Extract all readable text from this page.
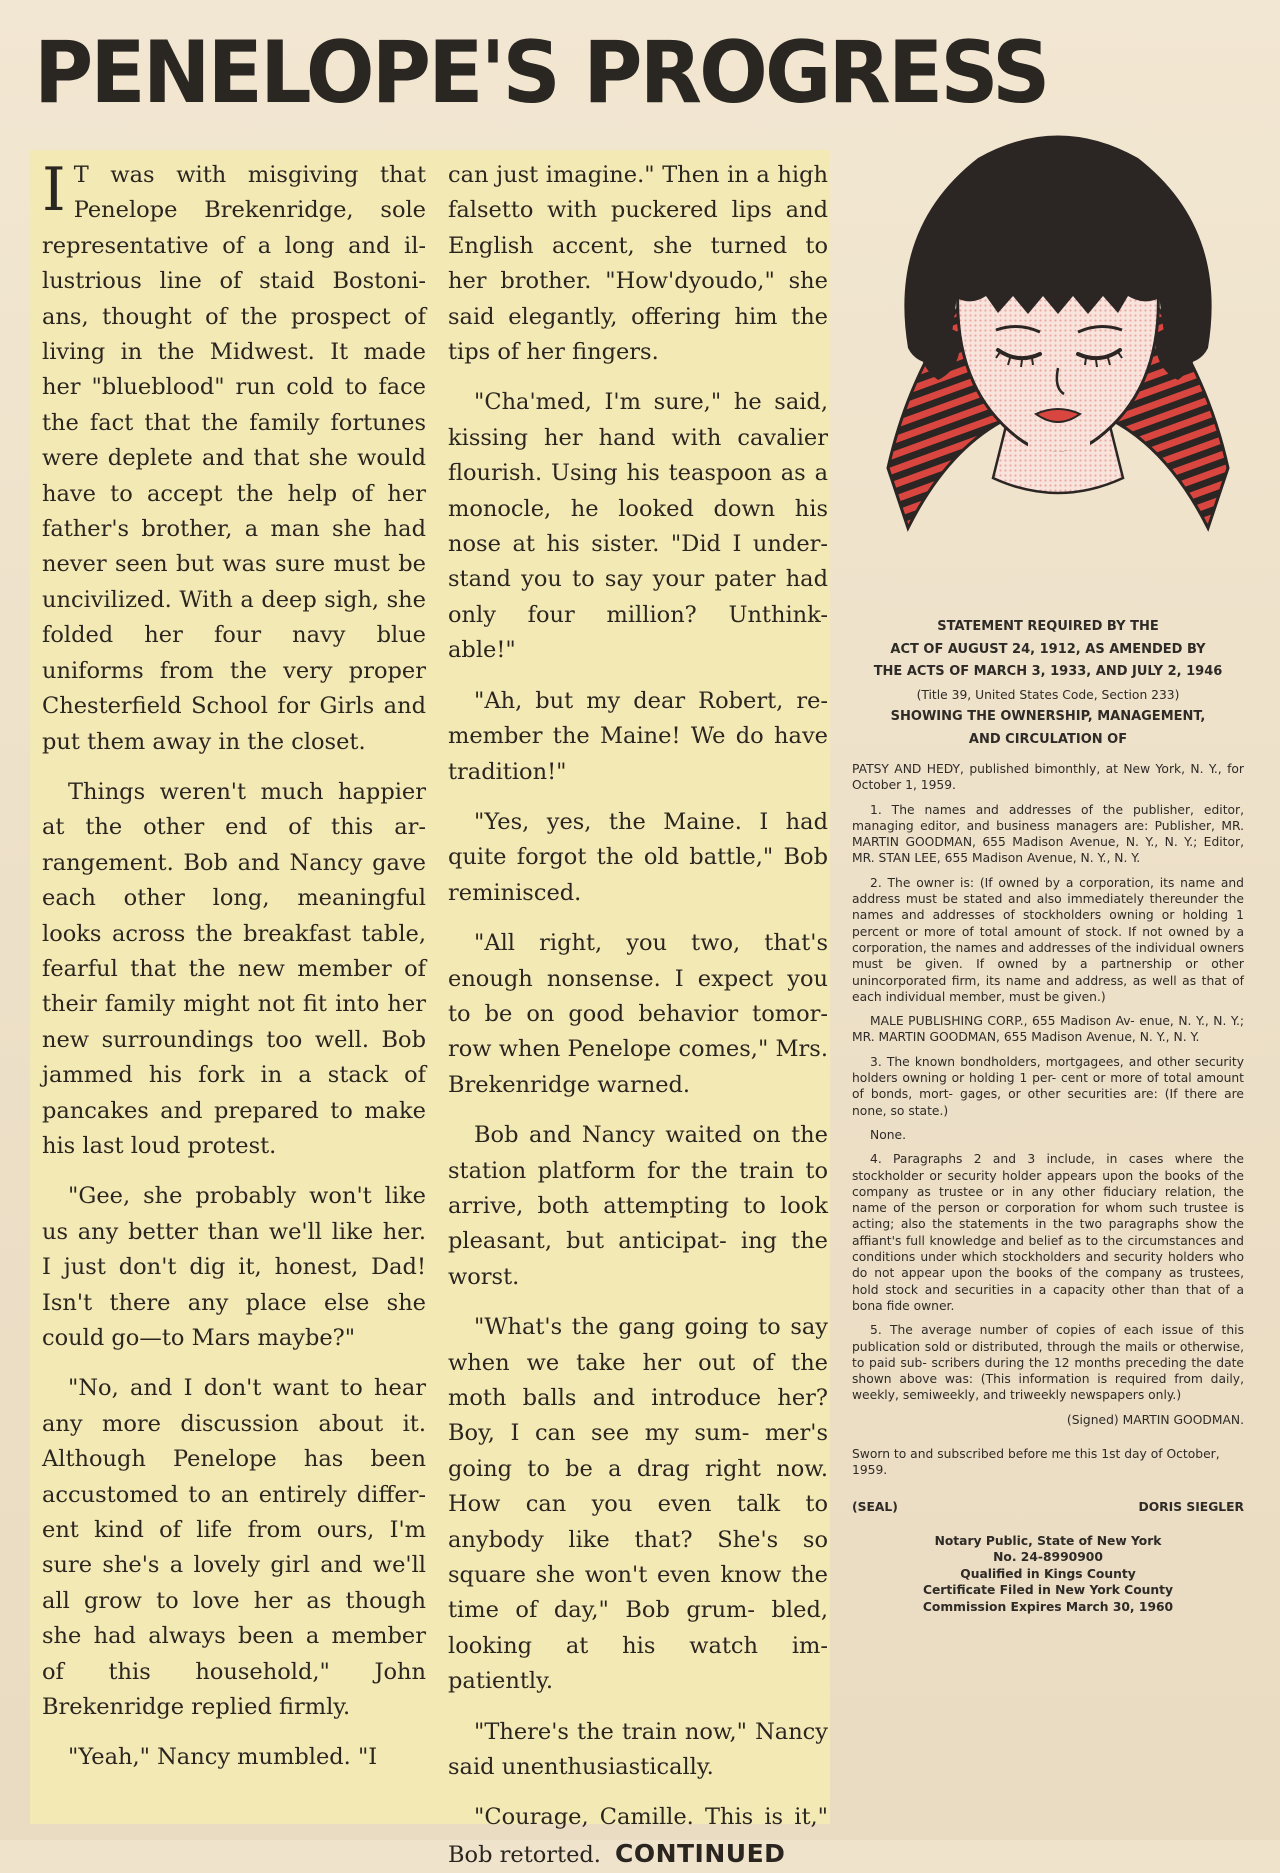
PENELOPE'S PROGRESS

I T was with misgiving that Penelope Brekenridge, sole representative of a long and il- lustrious line of staid Bostoni- ans, thought of the prospect of living in the Midwest. It made her "blueblood" run cold to face the fact that the family fortunes were deplete and that she would have to accept the help of her father's brother, a man she had never seen but was sure must be uncivilized. With a deep sigh, she folded her four navy blue uniforms from the very proper Chesterfield School for Girls and put them away in the closet.

Things weren't much happier at the other end of this ar- rangement. Bob and Nancy gave each other long, meaningful looks across the breakfast table, fearful that the new member of their family might not fit into her new surroundings too well. Bob jammed his fork in a stack of pancakes and prepared to make his last loud protest.

"Gee, she probably won't like us any better than we'll like her. I just don't dig it, honest, Dad! Isn't there any place else she could go—to Mars maybe?"

"No, and I don't want to hear any more discussion about it. Although Penelope has been accustomed to an entirely differ- ent kind of life from ours, I'm sure she's a lovely girl and we'll all grow to love her as though she had always been a member of this household," John Brekenridge replied firmly.

"Yeah," Nancy mumbled. "I

can just imagine." Then in a high falsetto with puckered lips and English accent, she turned to her brother. "How'dyoudo," she said elegantly, offering him the tips of her fingers.

"Cha'med, I'm sure," he said, kissing her hand with cavalier flourish. Using his teaspoon as a monocle, he looked down his nose at his sister. "Did I under- stand you to say your pater had only four million? Unthink- able!"

"Ah, but my dear Robert, re- member the Maine! We do have tradition!"

"Yes, yes, the Maine. I had quite forgot the old battle," Bob reminisced.

"All right, you two, that's enough nonsense. I expect you to be on good behavior tomor- row when Penelope comes," Mrs. Brekenridge warned.

Bob and Nancy waited on the station platform for the train to arrive, both attempting to look pleasant, but anticipat- ing the worst.

"What's the gang going to say when we take her out of the moth balls and introduce her? Boy, I can see my sum- mer's going to be a drag right now. How can you even talk to anybody like that? She's so square she won't even know the time of day," Bob grum- bled, looking at his watch im- patiently.

"There's the train now," Nancy said unenthusiastically.

"Courage, Camille. This is it," Bob retorted. CONTINUED

STATEMENT REQUIRED BY THE
ACT OF AUGUST 24, 1912, AS AMENDED BY
THE ACTS OF MARCH 3, 1933, AND JULY 2, 1946
(Title 39, United States Code, Section 233)
SHOWING THE OWNERSHIP, MANAGEMENT,
AND CIRCULATION OF

PATSY AND HEDY, published bimonthly, at New York, N. Y., for October 1, 1959.

1. The names and addresses of the publisher, editor, managing editor, and business managers are: Publisher, MR. MARTIN GOODMAN, 655 Madison Avenue, N. Y., N. Y.; Editor, MR. STAN LEE, 655 Madison Avenue, N. Y., N. Y.

2. The owner is: (If owned by a corporation, its name and address must be stated and also immediately thereunder the names and addresses of stockholders owning or holding 1 percent or more of total amount of stock. If not owned by a corporation, the names and addresses of the individual owners must be given. If owned by a partnership or other unincorporated firm, its name and address, as well as that of each individual member, must be given.)

MALE PUBLISHING CORP., 655 Madison Av- enue, N. Y., N. Y.; MR. MARTIN GOODMAN, 655 Madison Avenue, N. Y., N. Y.

3. The known bondholders, mortgagees, and other security holders owning or holding 1 per- cent or more of total amount of bonds, mort- gages, or other securities are: (If there are none, so state.)

None.

4. Paragraphs 2 and 3 include, in cases where the stockholder or security holder appears upon the books of the company as trustee or in any other fiduciary relation, the name of the person or corporation for whom such trustee is acting; also the statements in the two paragraphs show the affiant's full knowledge and belief as to the circumstances and conditions under which stockholders and security holders who do not appear upon the books of the company as trustees, hold stock and securities in a capacity other than that of a bona fide owner.

5. The average number of copies of each issue of this publication sold or distributed, through the mails or otherwise, to paid sub- scribers during the 12 months preceding the date shown above was: (This information is required from daily, weekly, semiweekly, and triweekly newspapers only.)

(Signed) MARTIN GOODMAN.
Sworn to and subscribed before me this 1st day of October, 1959.
(SEAL)	DORIS SIEGLER
Notary Public, State of New York
No. 24-8990900
Qualified in Kings County
Certificate Filed in New York County
Commission Expires March 30, 1960
